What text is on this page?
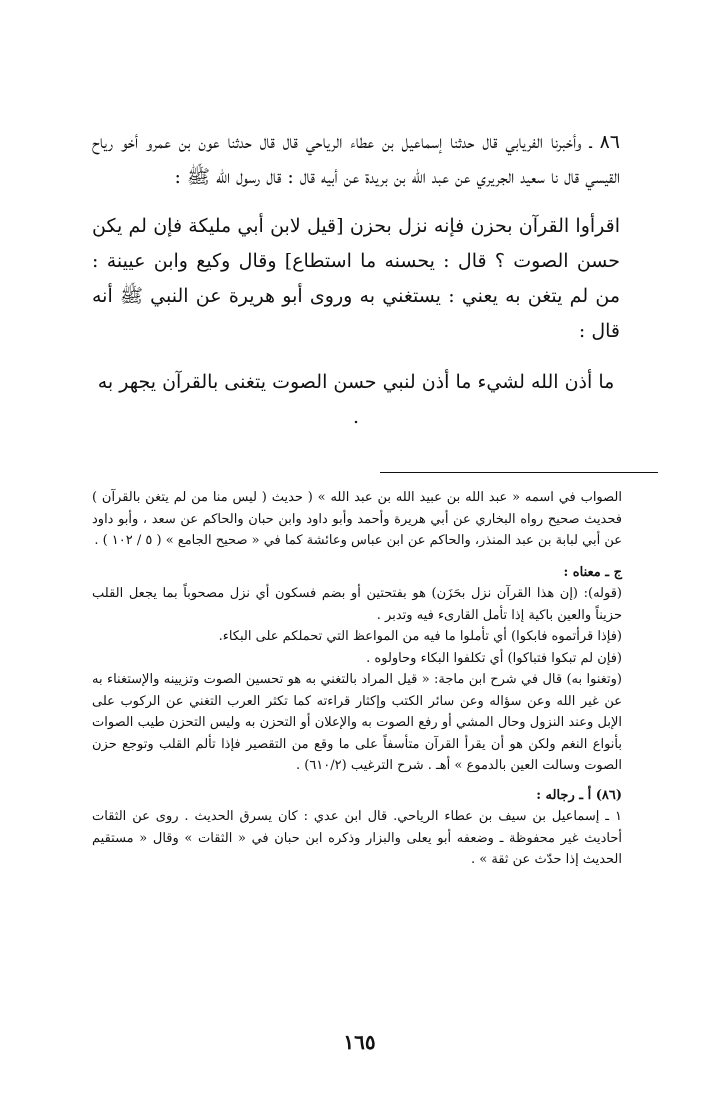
٨٦ ـ وأخبرنا الفريابي قال حدثنا إسماعيل بن عطاء الرياحي قال قال حدثنا عون بن عمرو أخو رياح القيسي قال نا سعيد الجريري عن عبد الله بن بريدة عن أبيه قال : قال رسول الله ﷺ :

اقرأوا القرآن بحزن فإنه نزل بحزن [قيل لابن أبي مليكة فإن لم يكن حسن الصوت ؟ قال : يحسنه ما استطاع] وقال وكيع وابن عيينة : من لم يتغن به يعني : يستغني به وروى أبو هريرة عن النبي ﷺ أنه قال :

ما أذن الله لشيء ما أذن لنبي حسن الصوت يتغنى بالقرآن يجهر به .

الصواب في اسمه « عبد الله بن عبيد الله بن عبد الله » ( حديث ( ليس منا من لم يتغن بالقرآن ) فحديث صحيح رواه البخاري عن أبي هريرة وأحمد وأبو داود وابن حبان والحاكم عن سعد ، وأبو داود عن أبي لبابة بن عبد المنذر، والحاكم عن ابن عباس وعائشة كما في « صحيح الجامع » ( ٥ / ١٠٢ ) .

ج ـ معناه :

(قوله): (إن هذا القرآن نزل بحَزَن) هو بفتحتين أو بضم فسكون أي نزل مصحوباً بما يجعل القلب حزيناً والعين باكية إذا تأمل القارىء فيه وتدبر .

(فإذا قرأتموه فابكوا) أي تأملوا ما فيه من المواعظ التي تحملكم على البكاء.

(فإن لم تبكوا فتباكوا) أي تكلفوا البكاء وحاولوه .

(وتغنوا به) قال في شرح ابن ماجة: « قيل المراد بالتغني به هو تحسين الصوت وتزيينه والإستغناء به عن غير الله وعن سؤاله وعن سائر الكتب وإكثار قراءته كما تكثر العرب التغني عن الركوب على الإبل وعند النزول وحال المشي أو رفع الصوت به والإعلان أو التحزن به وليس التحزن طيب الصوات بأنواع النغم ولكن هو أن يقرأ القرآن متأسفاً على ما وقع من التقصير فإذا تألم القلب وتوجع حزن الصوت وسالت العين بالدموع » أهـ . شرح الترغيب (٦١٠/٢) .

(٨٦) أ ـ رجاله :

١ ـ إسماعيل بن سيف بن عطاء الرياحي. قال ابن عدي : كان يسرق الحديث . روى عن الثقات أحاديث غير محفوظة ـ وضعفه أبو يعلى والبزار وذكره ابن حبان في « الثقات » وقال « مستقيم الحديث إذا حدّث عن ثقة » .

١٦٥
